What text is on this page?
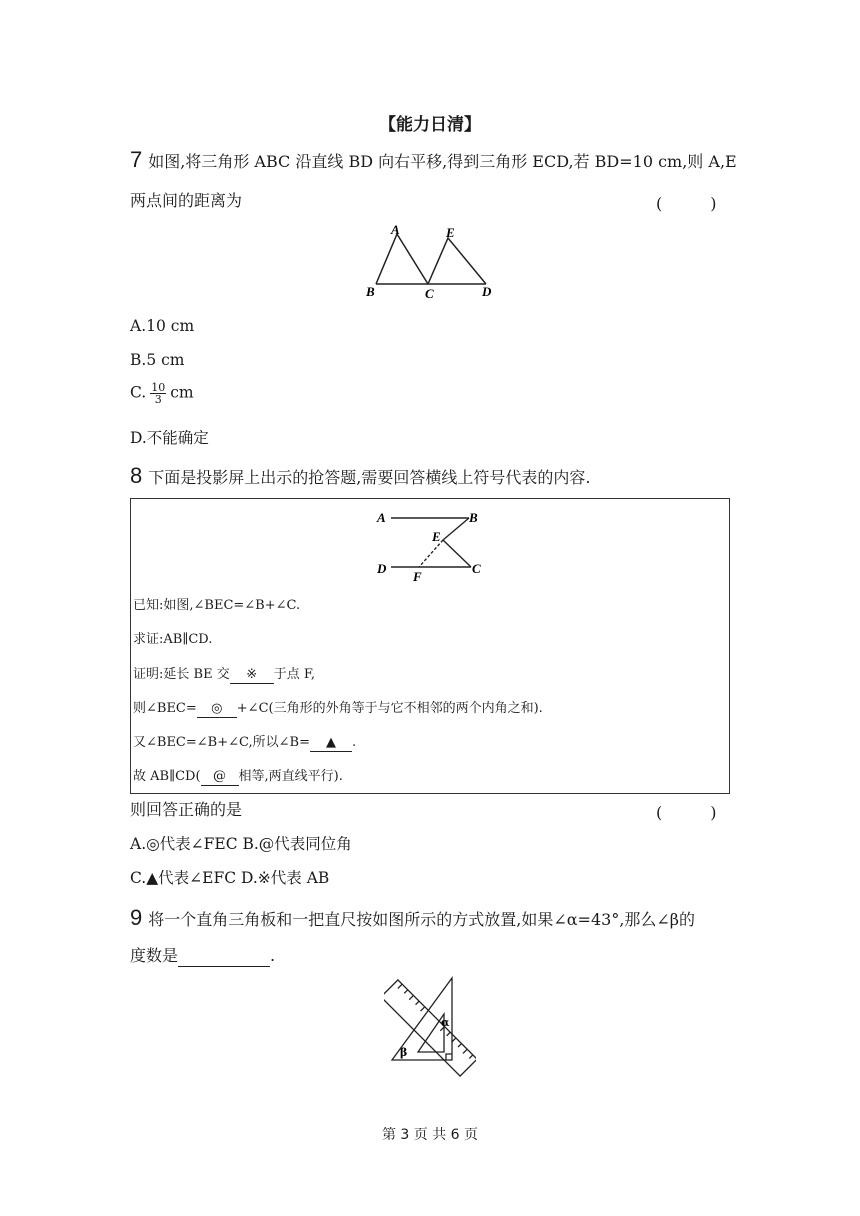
【能力日清】
7 如图,将三角形 ABC 沿直线 BD 向右平移,得到三角形 ECD,若 BD=10 cm,则 A,E
两点间的距离为	(　　　)
A	E
B	C	D
A.10 cm
B.5 cm
C. $\frac{10}{3}$ cm
D.不能确定
8 下面是投影屏上出示的抢答题,需要回答横线上符号代表的内容.
A	B
E
D
F
C
已知:如图,∠BEC=∠B+∠C.
求证:AB∥CD.
证明:延长 BE 交 ※ 于点 F,
则∠BEC= ◎ +∠C(三角形的外角等于与它不相邻的两个内角之和).
又∠BEC=∠B+∠C,所以∠B= ▲ .
故 AB∥CD( @ 相等,两直线平行).
则回答正确的是	(　　　)
A.◎代表∠FEC B.@代表同位角
C.▲代表∠EFC D.※代表 AB
9 将一个直角三角板和一把直尺按如图所示的方式放置,如果∠α=43°,那么∠β的
度数是	.
α
β
第 3 页 共 6 页
